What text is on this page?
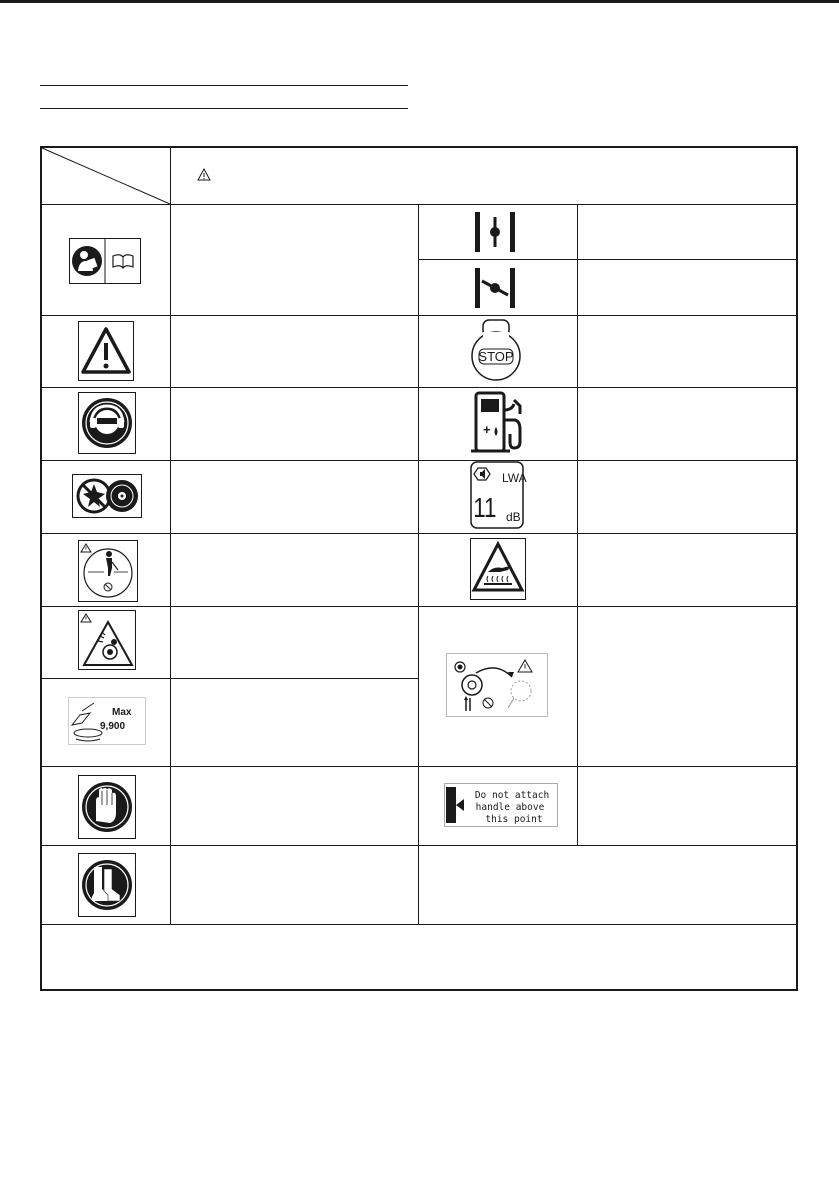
STOP
+
LWA
11 dB
Max
9,900
Do not attach
handle above
this point
